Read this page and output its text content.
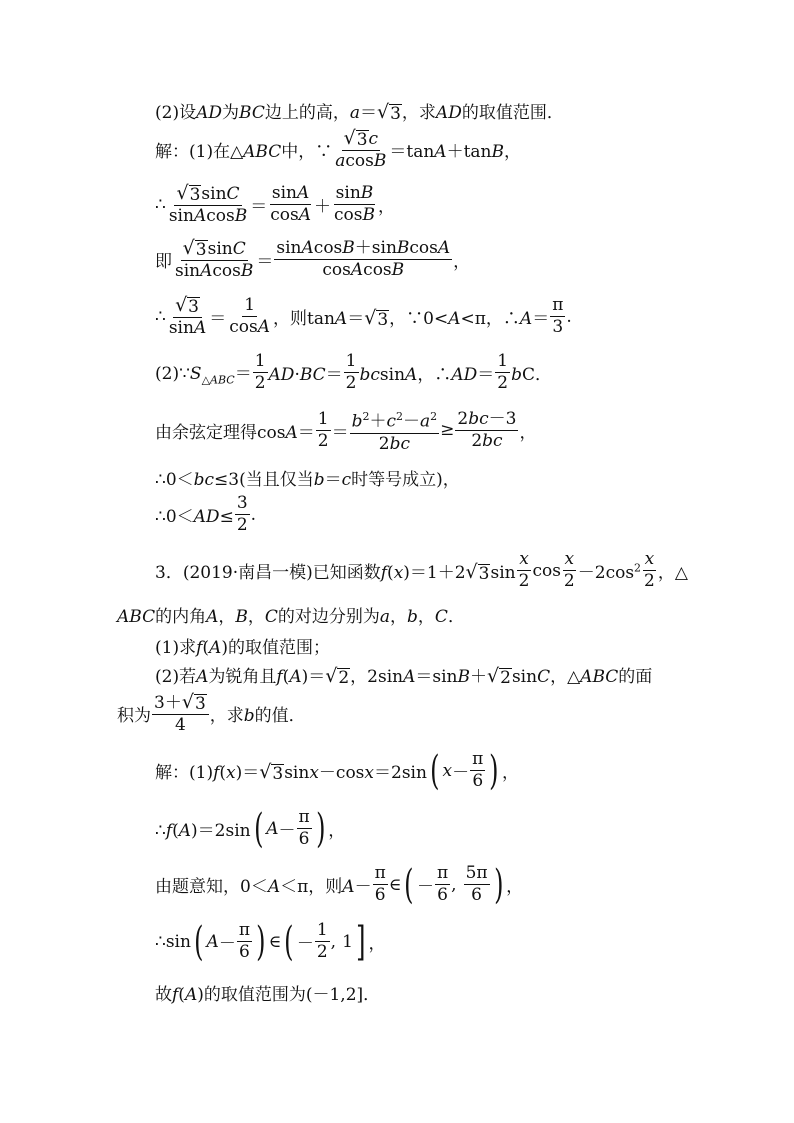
(2)设AD为BC边上的高，a＝ √ 3 ，求AD的取值范围．
解：(1)在△ABC中，∵ $\frac{√ 3 c}{acosB} =\tan A+\tan B$，
∴ $\frac{√ 3 \sin C}{\text{sinAcosB}} = \frac{\sin A}{\cos A} + \frac{\sin B}{\cos B}$ ，
即 $\frac{√ 3 \sin C}{\text{sinAcosB}} = \frac{\text{sinAcosB＋sinBcosA}}{\text{cosAcosB}}$ ，
∴ $\frac{√ 3}{\sin A} = \frac{1}{\cos A}$ ，则tanA＝ √ 3 ，∵0<A<π，∴A＝ $\frac{\pi}{3}$ .
$(2)\because S_{\triangle ABC}= \frac{1}{2} AD\cdot BC= \frac{1}{2}$ bcsinA，∴AD＝ $\frac{1}{2}$ bC．
由余弦定理得$\cos A= \frac{1}{2} = \frac{b^2+c^2-a^2}{2bc} \ge \frac{2bc-3}{2bc}$ ，
∴0＜bc≤3(当且仅当b＝c时等号成立)，
∴0＜AD≤ $\frac{3}{2}$ .
3．(2019·南昌一模)已知函数f(x)＝1＋2 √ 3 $\sin \frac{x}{2}$ $\cos \frac{x}{2} -2\cos^2 \frac{x}{2}$ ，△
ABC的内角A，B，C的对边分别为a，b，C．
(1)求f(A)的取值范围；
(2)若A为锐角且f(A)＝ √ 2 ，2sinA＝sinB＋ √ 2 sinC，△ABC的面
积为 $\frac{3+ √ 3}{4}$ ，求b的值．
解：(1)f(x)＝ √ 3 sinx－cosx＝2sin ( $x - \frac{\pi}{6}$ ) ，
∴f(A)＝2sin ( $A - \frac{\pi}{6}$ ) ，
由题意知，0＜A＜π，则$A- \frac{\pi}{6}$ ∈ ( － $\frac{\pi}{6}$ , $\frac{5\pi}{6}$ ) ，
∴sin ( $A - \frac{\pi}{6}$ ) ∈ ( － $\frac{1}{2}$ , 1 ] ，
故f(A)的取值范围为(－1,2]．
